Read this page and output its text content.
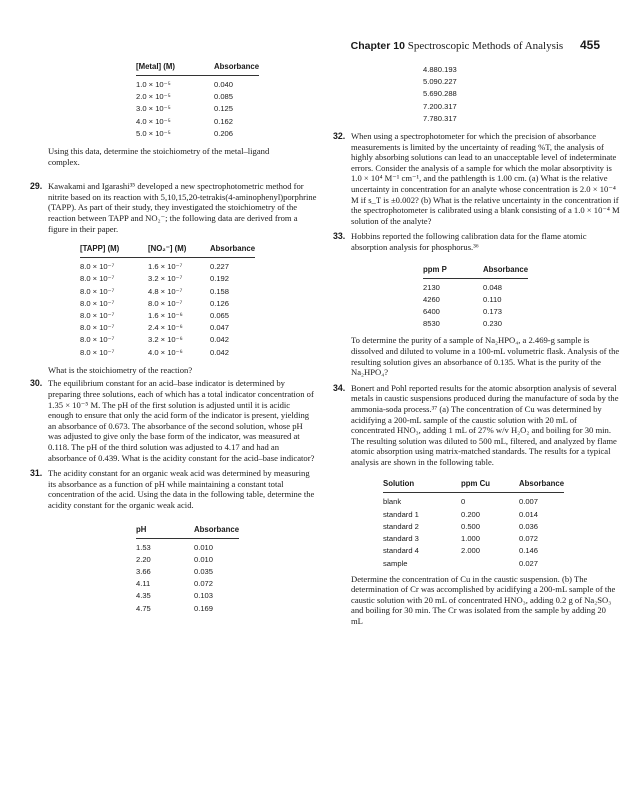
Chapter 10 Spectroscopic Methods of Analysis 455
[Metal] (M)	Absorbance
1.0 × 10⁻⁵	0.040
2.0 × 10⁻⁵	0.085
3.0 × 10⁻⁵	0.125
4.0 × 10⁻⁵	0.162
5.0 × 10⁻⁵	0.206

Using this data, determine the stoichiometry of the metal–ligand complex.

29. Kawakami and Igarashi³⁵ developed a new spectrophotometric method for nitrite based on its reaction with 5,10,15,20-tetrakis(4-aminophenyl)porphrine (TAPP). As part of their study, they investigated the stoichiometry of the reaction between TAPP and NO₂⁻; the following data are derived from a figure in their paper.

[TAPP] (M)	[NO₂⁻] (M)	Absorbance
8.0 × 10⁻⁷	1.6 × 10⁻⁷	0.227
8.0 × 10⁻⁷	3.2 × 10⁻⁷	0.192
8.0 × 10⁻⁷	4.8 × 10⁻⁷	0.158
8.0 × 10⁻⁷	8.0 × 10⁻⁷	0.126
8.0 × 10⁻⁷	1.6 × 10⁻⁶	0.065
8.0 × 10⁻⁷	2.4 × 10⁻⁶	0.047
8.0 × 10⁻⁷	3.2 × 10⁻⁶	0.042
8.0 × 10⁻⁷	4.0 × 10⁻⁶	0.042

What is the stoichiometry of the reaction?

30. The equilibrium constant for an acid–base indicator is determined by preparing three solutions, each of which has a total indicator concentration of 1.35 × 10⁻⁵ M. The pH of the first solution is adjusted until it is acidic enough to ensure that only the acid form of the indicator is present, yielding an absorbance of 0.673. The absorbance of the second solution, whose pH was adjusted to give only the base form of the indicator, was measured at 0.118. The pH of the third solution was adjusted to 4.17 and had an absorbance of 0.439. What is the acidity constant for the acid–base indicator?

31. The acidity constant for an organic weak acid was determined by measuring its absorbance as a function of pH while maintaining a constant total concentration of the acid. Using the data in the following table, determine the acidity constant for the organic weak acid.

pH	Absorbance
1.53	0.010
2.20	0.010
3.66	0.035
4.11	0.072
4.35	0.103
4.75	0.169
4.88	0.193
5.09	0.227
5.69	0.288
7.20	0.317
7.78	0.317
32. When using a spectrophotometer for which the precision of absorbance measurements is limited by the uncertainty of reading %T, the analysis of highly absorbing solutions can lead to an unacceptable level of indeterminate errors. Consider the analysis of a sample for which the molar absorptivity is 1.0 × 10⁴ M⁻¹ cm⁻¹, and the pathlength is 1.00 cm. (a) What is the relative uncertainty in concentration for an analyte whose concentration is 2.0 × 10⁻⁴ M if s_T is ±0.002? (b) What is the relative uncertainty in the concentration if the spectrophotometer is calibrated using a blank consisting of a 1.0 × 10⁻⁴ M solution of the analyte?

33. Hobbins reported the following calibration data for the flame atomic absorption analysis for phosphorus.³⁶

ppm P	Absorbance
2130	0.048
4260	0.110
6400	0.173
8530	0.230

To determine the purity of a sample of Na₂HPO₄, a 2.469-g sample is dissolved and diluted to volume in a 100-mL volumetric flask. Analysis of the resulting solution gives an absorbance of 0.135. What is the purity of the Na₂HPO₄?

34. Bonert and Pohl reported results for the atomic absorption analysis of several metals in caustic suspensions produced during the manufacture of soda by the ammonia-soda process.³⁷ (a) The concentration of Cu was determined by acidifying a 200-mL sample of the caustic solution with 20 mL of concentrated HNO₃, adding 1 mL of 27% w/v H₂O₂ and boiling for 30 min. The resulting solution was diluted to 500 mL, filtered, and analyzed by flame atomic absorption using matrix-matched standards. The results for a typical analysis are shown in the following table.

Solution	ppm Cu	Absorbance
blank	0	0.007
standard 1	0.200	0.014
standard 2	0.500	0.036
standard 3	1.000	0.072
standard 4	2.000	0.146
sample		0.027

Determine the concentration of Cu in the caustic suspension. (b) The determination of Cr was accomplished by acidifying a 200-mL sample of the caustic solution with 20 mL of concentrated HNO₃, adding 0.2 g of Na₂SO₃ and boiling for 30 min. The Cr was isolated from the sample by adding 20 mL
